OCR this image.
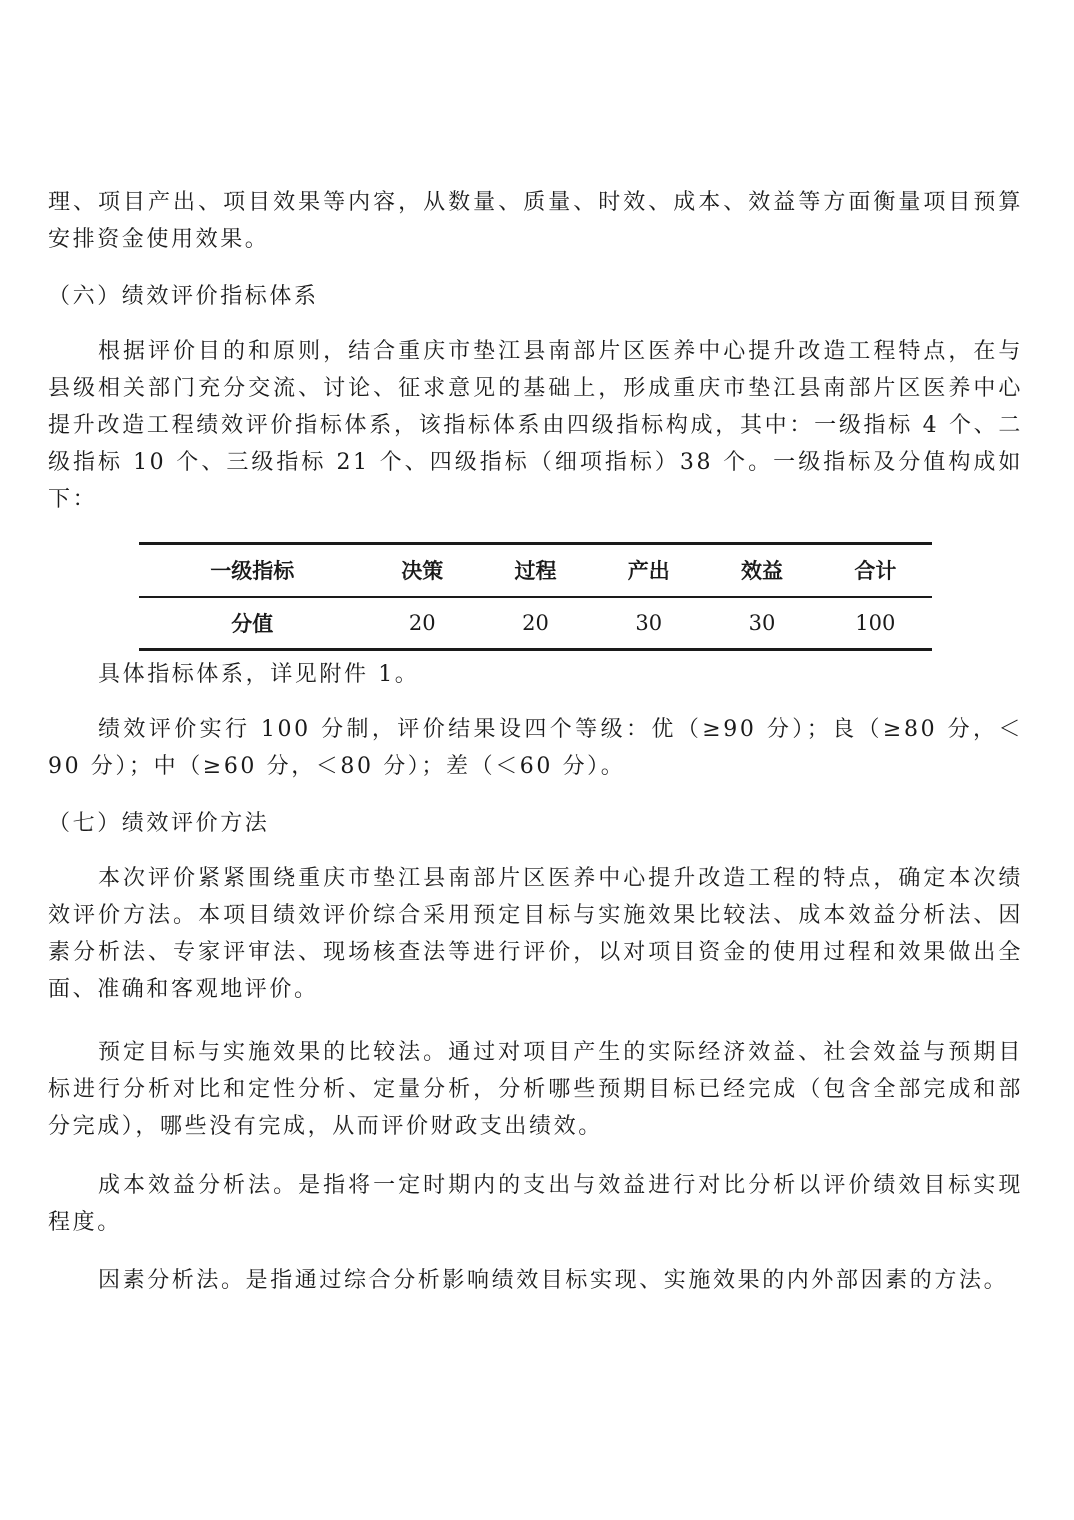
理、项目产出、项目效果等内容，从数量、质量、时效、成本、效益等方面衡量项目预算安排资金使用效果。

（六）绩效评价指标体系

根据评价目的和原则，结合重庆市垫江县南部片区医养中心提升改造工程特点，在与县级相关部门充分交流、讨论、征求意见的基础上，形成重庆市垫江县南部片区医养中心提升改造工程绩效评价指标体系，该指标体系由四级指标构成，其中：一级指标 4 个、二级指标 10 个、三级指标 21 个、四级指标（细项指标）38 个。一级指标及分值构成如下：

一级指标	决策	过程	产出	效益	合计
分值	20	20	30	30	100

具体指标体系，详见附件 1。

绩效评价实行 100 分制，评价结果设四个等级：优（≥90 分）；良（≥80 分，＜90 分）；中（≥60 分，＜80 分）；差（＜60 分）。

（七）绩效评价方法

本次评价紧紧围绕重庆市垫江县南部片区医养中心提升改造工程的特点，确定本次绩效评价方法。本项目绩效评价综合采用预定目标与实施效果比较法、成本效益分析法、因素分析法、专家评审法、现场核查法等进行评价，以对项目资金的使用过程和效果做出全面、准确和客观地评价。

预定目标与实施效果的比较法。通过对项目产生的实际经济效益、社会效益与预期目标进行分析对比和定性分析、定量分析，分析哪些预期目标已经完成（包含全部完成和部分完成），哪些没有完成，从而评价财政支出绩效。

成本效益分析法。是指将一定时期内的支出与效益进行对比分析以评价绩效目标实现程度。

因素分析法。是指通过综合分析影响绩效目标实现、实施效果的内外部因素的方法。
